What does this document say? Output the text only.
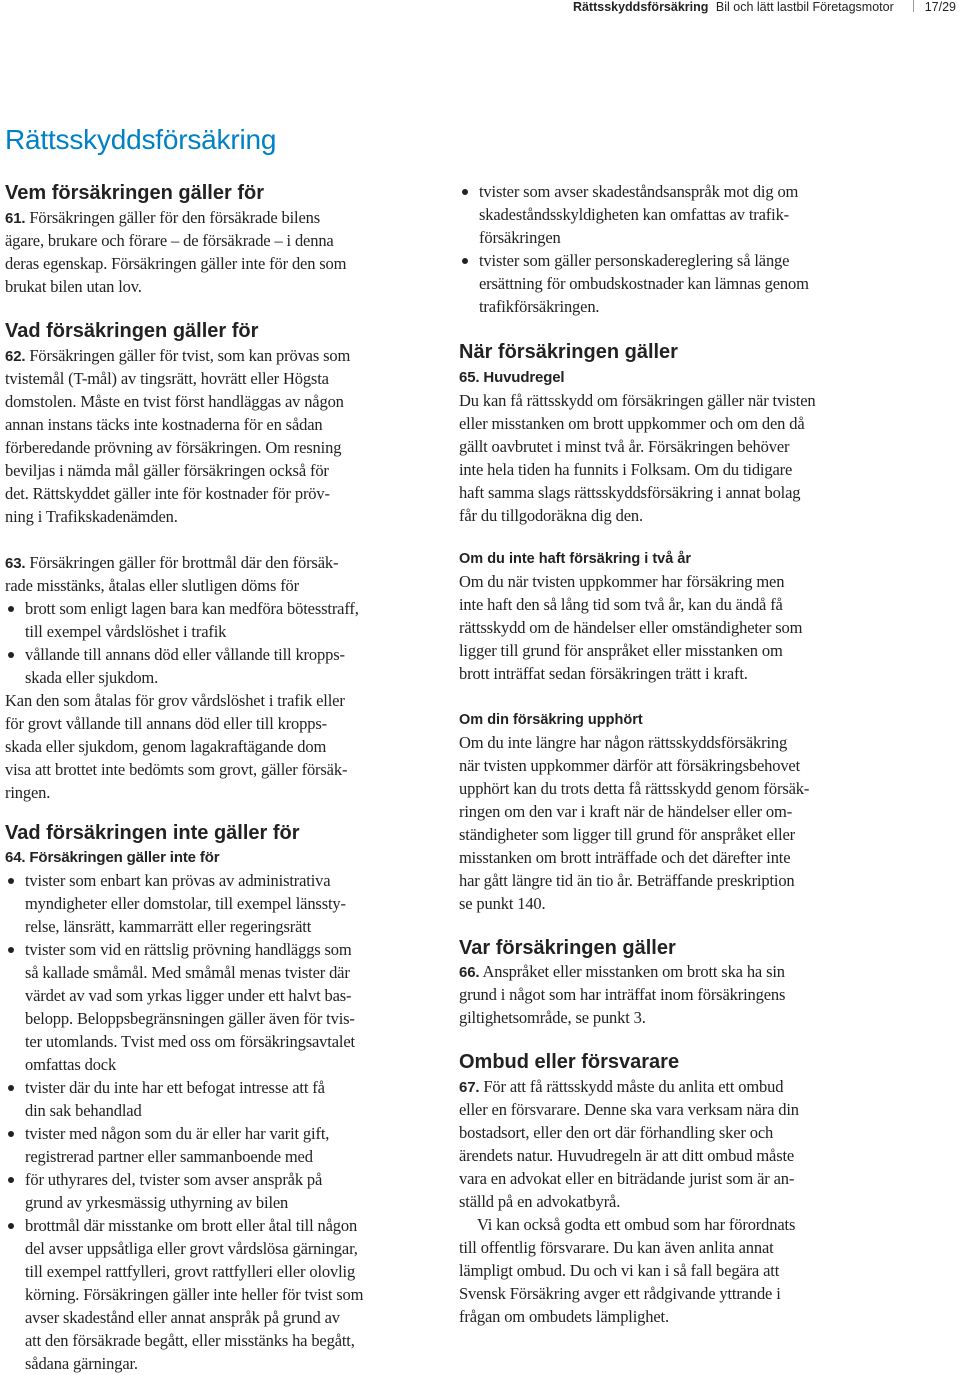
Rättsskyddsförsäkring Bil och lätt lastbil Företagsmotor 17/29
Rättsskyddsförsäkring
Vem försäkringen gäller för
61. Försäkringen gäller för den försäkrade bilens
ägare, brukare och förare – de försäkrade – i denna
deras egenskap. Försäkringen gäller inte för den som
brukat bilen utan lov.
Vad försäkringen gäller för
62. Försäkringen gäller för tvist, som kan prövas som
tvistemål (T-mål) av tingsrätt, hovrätt eller Högsta
domstolen. Måste en tvist först handläggas av någon
annan instans täcks inte kostnaderna för en sådan
förberedande prövning av försäkringen. Om resning
beviljas i nämda mål gäller försäkringen också för
det. Rättskyddet gäller inte för kostnader för pröv-
ning i Trafikskadenämden.
63. Försäkringen gäller för brottmål där den försäk-
rade misstänks, åtalas eller slutligen döms för
brott som enligt lagen bara kan medföra bötesstraff,
till exempel vårdslöshet i trafik
vållande till annans död eller vållande till kropps-
skada eller sjukdom.
Kan den som åtalas för grov vårdslöshet i trafik eller
för grovt vållande till annans död eller till kropps-
skada eller sjukdom, genom lagakraftägande dom
visa att brottet inte bedömts som grovt, gäller försäk-
ringen.
Vad försäkringen inte gäller för
64. Försäkringen gäller inte för
tvister som enbart kan prövas av administrativa
myndigheter eller domstolar, till exempel länssty-
relse, länsrätt, kammarrätt eller regeringsrätt
tvister som vid en rättslig prövning handläggs som
så kallade småmål. Med småmål menas tvister där
värdet av vad som yrkas ligger under ett halvt bas-
belopp. Beloppsbegränsningen gäller även för tvis-
ter utomlands. Tvist med oss om försäkringsavtalet
omfattas dock
tvister där du inte har ett befogat intresse att få
din sak behandlad
tvister med någon som du är eller har varit gift,
registrerad partner eller sammanboende med
för uthyrares del, tvister som avser anspråk på
grund av yrkesmässig uthyrning av bilen
brottmål där misstanke om brott eller åtal till någon
del avser uppsåtliga eller grovt vårdslösa gärningar,
till exempel rattfylleri, grovt rattfylleri eller olovlig
körning. Försäkringen gäller inte heller för tvist som
avser skadestånd eller annat anspråk på grund av
att den försäkrade begått, eller misstänks ha begått,
sådana gärningar.
tvister som avser skadeståndsanspråk mot dig om
skadeståndsskyldigheten kan omfattas av trafik-
försäkringen
tvister som gäller personskadereglering så länge
ersättning för ombudskostnader kan lämnas genom
trafikförsäkringen.
När försäkringen gäller
65. Huvudregel
Du kan få rättsskydd om försäkringen gäller när tvisten
eller misstanken om brott uppkommer och om den då
gällt oavbrutet i minst två år. Försäkringen behöver
inte hela tiden ha funnits i Folksam. Om du tidigare
haft samma slags rättsskyddsförsäkring i annat bolag
får du tillgodoräkna dig den.
Om du inte haft försäkring i två år
Om du när tvisten uppkommer har försäkring men
inte haft den så lång tid som två år, kan du ändå få
rättsskydd om de händelser eller omständigheter som
ligger till grund för anspråket eller misstanken om
brott inträffat sedan försäkringen trätt i kraft.
Om din försäkring upphört
Om du inte längre har någon rättsskyddsförsäkring
när tvisten uppkommer därför att försäkringsbehovet
upphört kan du trots detta få rättsskydd genom försäk-
ringen om den var i kraft när de händelser eller om-
ständigheter som ligger till grund för anspråket eller
misstanken om brott inträffade och det därefter inte
har gått längre tid än tio år. Beträffande preskription
se punkt 140.
Var försäkringen gäller
66. Anspråket eller misstanken om brott ska ha sin
grund i något som har inträffat inom försäkringens
giltighetsområde, se punkt 3.
Ombud eller försvarare
67. För att få rättsskydd måste du anlita ett ombud
eller en försvarare. Denne ska vara verksam nära din
bostadsort, eller den ort där förhandling sker och
ärendets natur. Huvudregeln är att ditt ombud måste
vara en advokat eller en biträdande jurist som är an-
ställd på en advokatbyrå.
Vi kan också godta ett ombud som har förordnats
till offentlig försvarare. Du kan även anlita annat
lämpligt ombud. Du och vi kan i så fall begära att
Svensk Försäkring avger ett rådgivande yttrande i
frågan om ombudets lämplighet.
